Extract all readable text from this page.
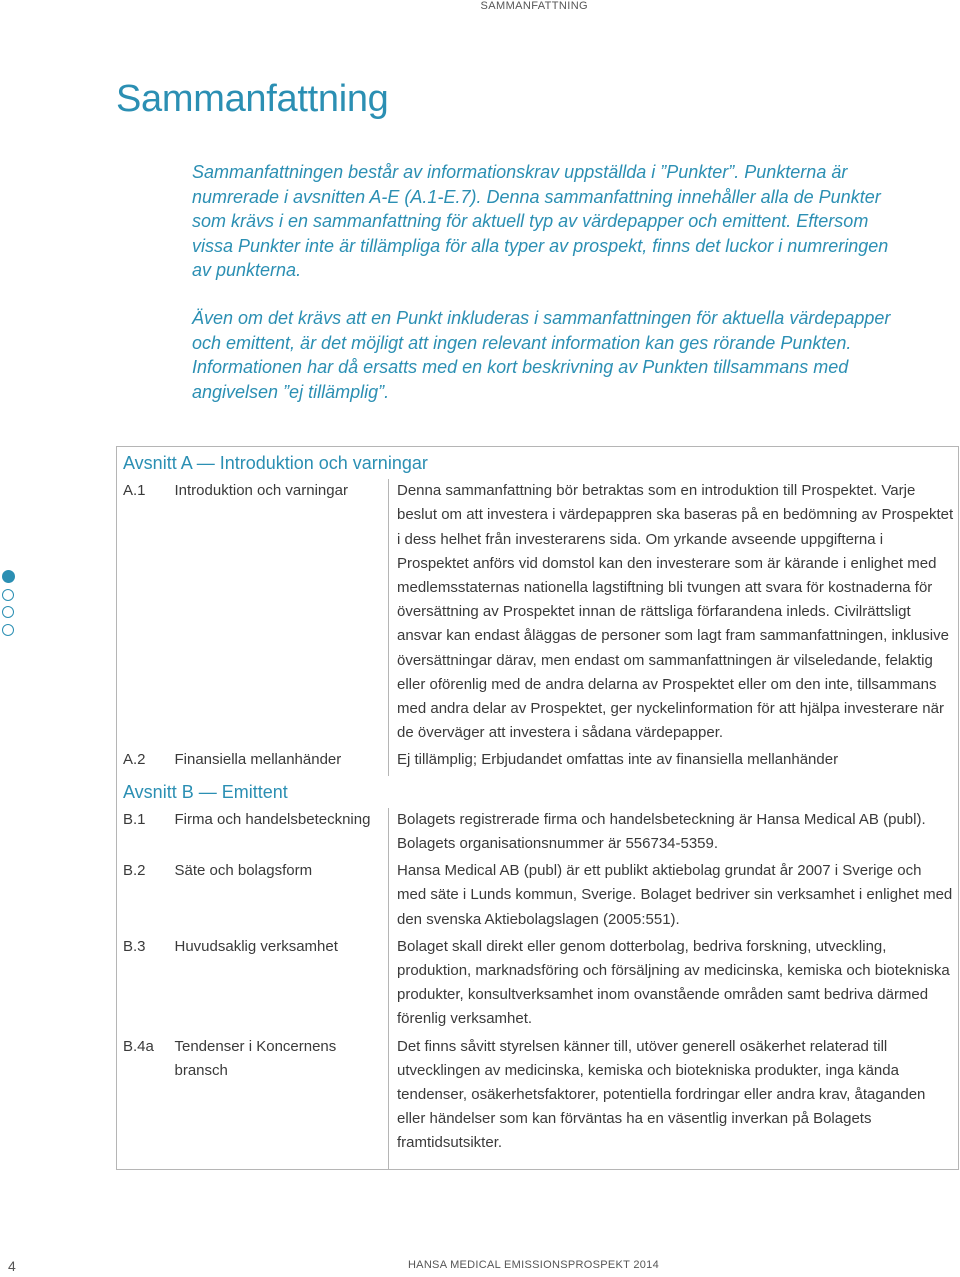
SAMMANFATTNING
Sammanfattning

Sammanfattningen består av informationskrav uppställda i ”Punkter”. Punkterna är numrerade i avsnitten A-E (A.1-E.7). Denna sammanfattning innehåller alla de Punkter som krävs i en sammanfattning för aktuell typ av värdepapper och emittent. Eftersom vissa Punkter inte är tillämpliga för alla typer av prospekt, finns det luckor i numreringen av punkterna.

Även om det krävs att en Punkt inkluderas i sammanfattningen för aktuella värdepapper och emittent, är det möjligt att ingen relevant information kan ges rörande Punkten. Informationen har då ersatts med en kort beskrivning av Punkten tillsammans med angivelsen ”ej tillämplig”.

Avsnitt A — Introduktion och varningar		
A.1	Introduktion och varningar	Denna sammanfattning bör betraktas som en introduktion till Prospektet. Varje beslut om att investera i värdepappren ska baseras på en bedömning av Prospektet i dess helhet från investerarens sida. Om yrkande avseende uppgifterna i Prospektet anförs vid domstol kan den investerare som är kärande i enlighet med medlemsstaternas nationella lagstiftning bli tvungen att svara för kostnaderna för översättning av Prospektet innan de rättsliga förfarandena inleds. Civilrättsligt ansvar kan endast åläggas de personer som lagt fram sammanfattningen, inklusive översättningar därav, men endast om sammanfattningen är vilseledande, felaktig eller oförenlig med de andra delarna av Prospektet eller om den inte, tillsammans med andra delar av Prospektet, ger nyckelinformation för att hjälpa investerare när de överväger att investera i sådana värdepapper.
A.2	Finansiella mellanhänder	Ej tillämplig; Erbjudandet omfattas inte av finansiella mellanhänder
Avsnitt B — Emittent		
B.1	Firma och handelsbeteckning	Bolagets registrerade firma och handelsbeteckning är Hansa Medical AB (publ). Bolagets organisationsnummer är 556734-5359.
B.2	Säte och bolagsform	Hansa Medical AB (publ) är ett publikt aktiebolag grundat år 2007 i Sverige och med säte i Lunds kommun, Sverige. Bolaget bedriver sin verksamhet i enlighet med den svenska Aktiebolagslagen (2005:551).
B.3	Huvudsaklig verksamhet	Bolaget skall direkt eller genom dotterbolag, bedriva forskning, utveckling, produktion, marknadsföring och försäljning av medicinska, kemiska och biotekniska produkter, konsultverksamhet inom ovanstående områden samt bedriva därmed förenlig verksamhet.
B.4a	Tendenser i Koncernens bransch	Det finns såvitt styrelsen känner till, utöver generell osäkerhet relaterad till utvecklingen av medicinska, kemiska och biotekniska produkter, inga kända tendenser, osäkerhetsfaktorer, potentiella fordringar eller andra krav, åtaganden eller händelser som kan förväntas ha en väsentlig inverkan på Bolagets framtidsutsikter.
4	HANSA MEDICAL EMISSIONSPROSPEKT 2014
